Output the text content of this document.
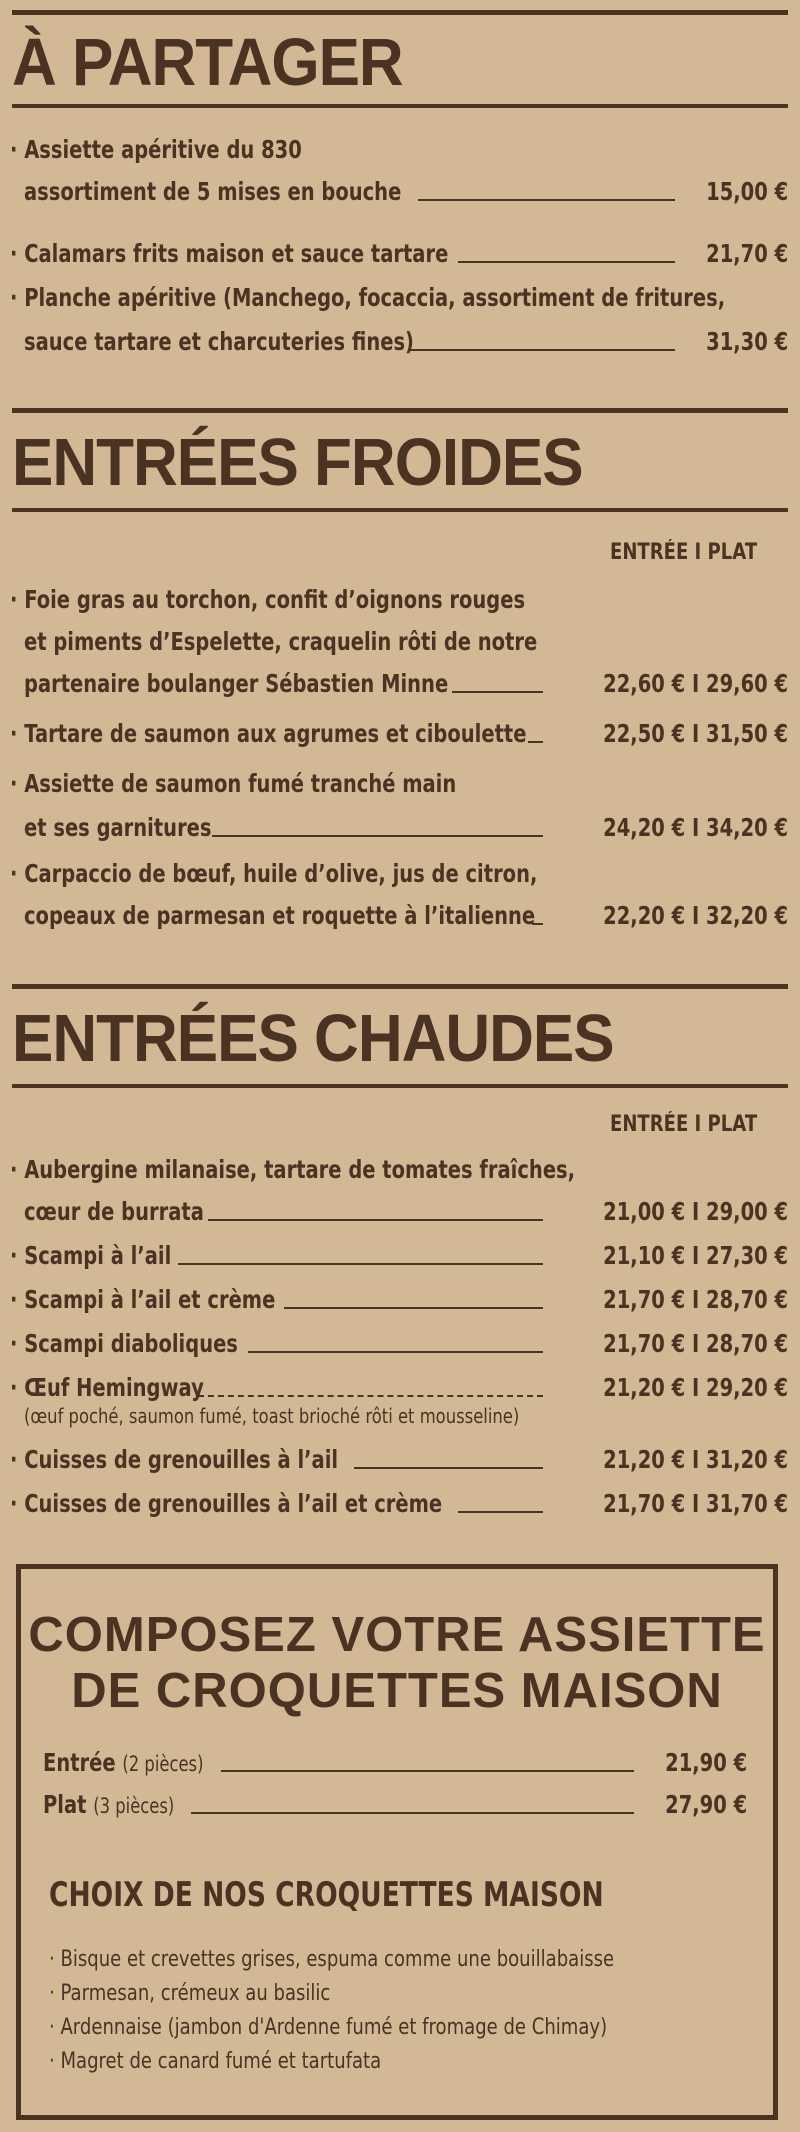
À PARTAGER
· Assiette apéritive du 830
assortiment de 5 mises en bouche	15,00 €
· Calamars frits maison et sauce tartare	21,70 €
· Planche apéritive (Manchego, focaccia, assortiment de fritures,
sauce tartare et charcuteries fines)	31,30 €
ENTRÉES FROIDES
ENTRÉE I PLAT
· Foie gras au torchon, confit d’oignons rouges
et piments d’Espelette, craquelin rôti de notre
partenaire boulanger Sébastien Minne	22,60 € I 29,60 €
· Tartare de saumon aux agrumes et ciboulette	22,50 € I 31,50 €
· Assiette de saumon fumé tranché main
et ses garnitures	24,20 € I 34,20 €
· Carpaccio de bœuf, huile d’olive, jus de citron,
copeaux de parmesan et roquette à l’italienne	22,20 € I 32,20 €
ENTRÉES CHAUDES
ENTRÉE I PLAT
· Aubergine milanaise, tartare de tomates fraîches,
cœur de burrata	21,00 € I 29,00 €
· Scampi à l’ail	21,10 € I 27,30 €
· Scampi à l’ail et crème	21,70 € I 28,70 €
· Scampi diaboliques	21,70 € I 28,70 €
· Œuf Hemingway	21,20 € I 29,20 €
(œuf poché, saumon fumé, toast brioché rôti et mousseline)
· Cuisses de grenouilles à l’ail	21,20 € I 31,20 €
· Cuisses de grenouilles à l’ail et crème	21,70 € I 31,70 €
COMPOSEZ VOTRE ASSIETTE
DE CROQUETTES MAISON
Entrée (2 pièces)	21,90 €
Plat (3 pièces)	27,90 €
CHOIX DE NOS CROQUETTES MAISON
· Bisque et crevettes grises, espuma comme une bouillabaisse
· Parmesan, crémeux au basilic
· Ardennaise (jambon d'Ardenne fumé et fromage de Chimay)
· Magret de canard fumé et tartufata
